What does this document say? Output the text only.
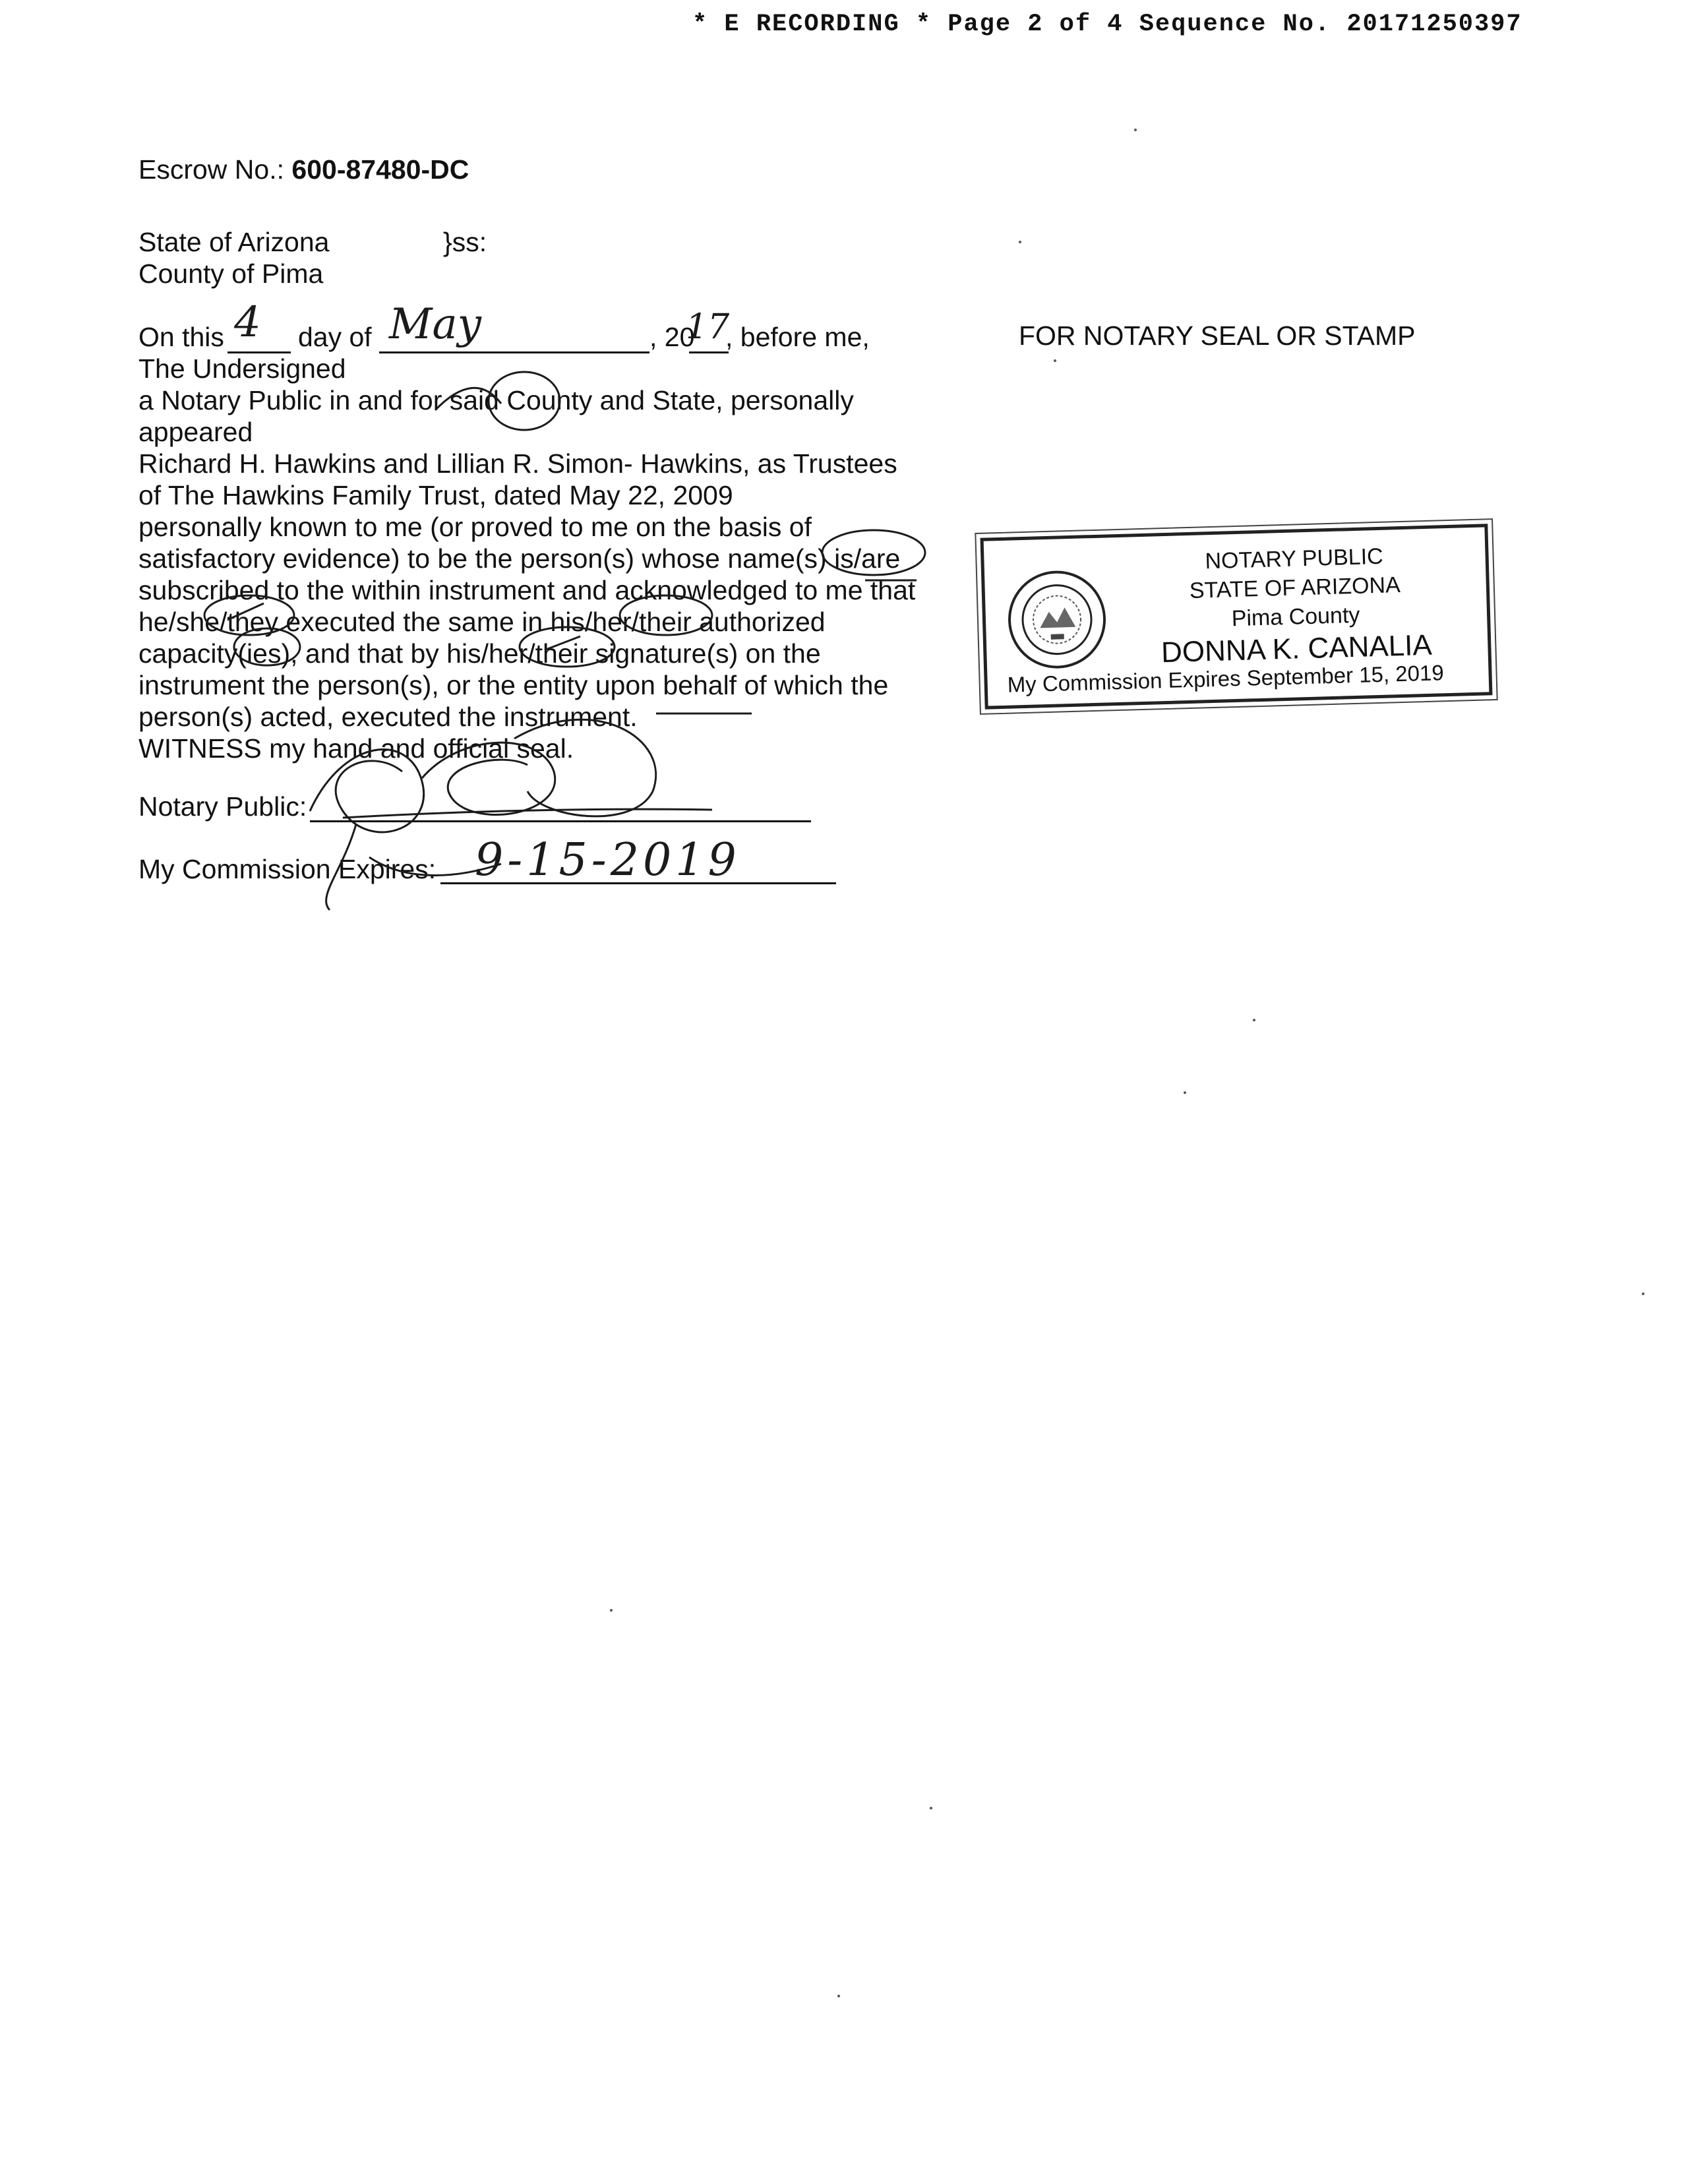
* E RECORDING * Page 2 of 4 Sequence No. 20171250397
Escrow No.: 600-87480-DC
State of Arizona	}ss:
County of Pima
On this 4 day of May	, 20
17
, before me,
The Undersigned
a Notary Public in and for said County and State, personally
appeared
Richard H. Hawkins and Lillian R. Simon- Hawkins, as Trustees
of The Hawkins Family Trust, dated May 22, 2009
personally known to me (or proved to me on the basis of
satisfactory evidence) to be the person(s) whose name(s) is/are
subscribed to the within instrument and acknowledged to me that
he/she/they executed the same in his/her/their authorized
capacity(ies), and that by his/her/their signature(s) on the
instrument the person(s), or the entity upon behalf of which the
person(s) acted, executed the instrument.
WITNESS my hand and official seal.
Notary Public:
My Commission Expires: 9-15-2019
FOR NOTARY SEAL OR STAMP
NOTARY PUBLIC
STATE OF ARIZONA
Pima County
DONNA K. CANALIA
My Commission Expires September 15, 2019
